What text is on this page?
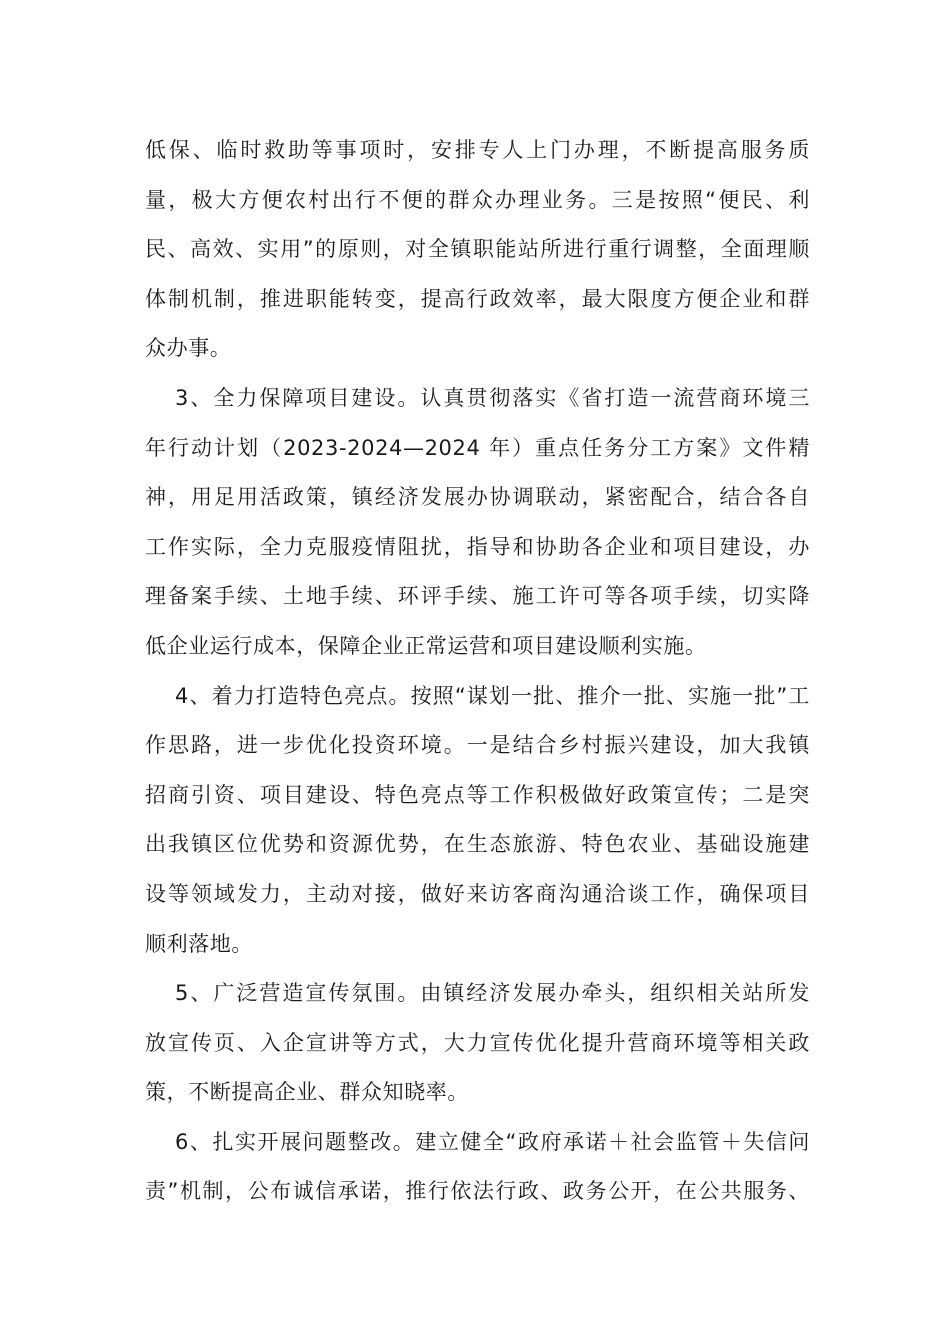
低保、临时救助等事项时，安排专人上门办理，不断提高服务质
量，极大方便农村出行不便的群众办理业务。三是按照“便民、利
民、高效、实用”的原则，对全镇职能站所进行重行调整，全面理顺
体制机制，推进职能转变，提高行政效率，最大限度方便企业和群
众办事。
3、全力保障项目建设。认真贯彻落实《省打造一流营商环境三
年行动计划（2023-2024—2024 年）重点任务分工方案》文件精
神，用足用活政策，镇经济发展办协调联动，紧密配合，结合各自
工作实际，全力克服疫情阻扰，指导和协助各企业和项目建设，办
理备案手续、土地手续、环评手续、施工许可等各项手续，切实降
低企业运行成本，保障企业正常运营和项目建设顺利实施。
4、着力打造特色亮点。按照“谋划一批、推介一批、实施一批”工
作思路，进一步优化投资环境。一是结合乡村振兴建设，加大我镇
招商引资、项目建设、特色亮点等工作积极做好政策宣传；二是突
出我镇区位优势和资源优势，在生态旅游、特色农业、基础设施建
设等领域发力，主动对接，做好来访客商沟通洽谈工作，确保项目
顺利落地。
5、广泛营造宣传氛围。由镇经济发展办牵头，组织相关站所发
放宣传页、入企宣讲等方式，大力宣传优化提升营商环境等相关政
策，不断提高企业、群众知晓率。
6、扎实开展问题整改。建立健全“政府承诺＋社会监管＋失信问
责”机制，公布诚信承诺，推行依法行政、政务公开，在公共服务、
